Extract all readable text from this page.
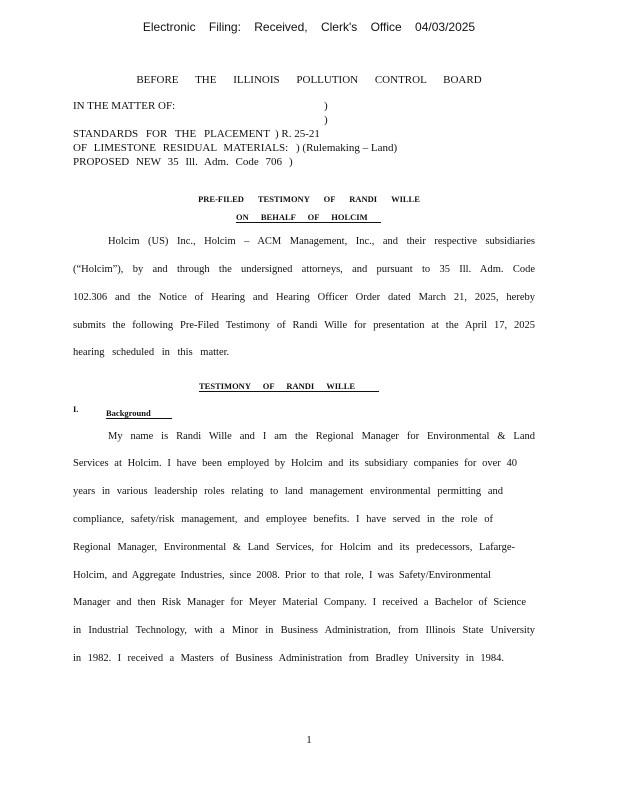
Electronic Filing: Received, Clerk's Office 04/03/2025
BEFORE THE ILLINOIS POLLUTION CONTROL BOARD
IN THE MATTER OF:	)
)
STANDARDS FOR THE PLACEMENT ) R. 25-21
OF LIMESTONE RESIDUAL MATERIALS: ) (Rulemaking – Land)
PROPOSED NEW 35 Ill. Adm. Code 706 )
PRE-FILED TESTIMONY OF RANDI WILLE
ON BEHALF OF HOLCIM
Holcim (US) Inc., Holcim – ACM Management, Inc., and their respective subsidiaries
(“Holcim”), by and through the undersigned attorneys, and pursuant to 35 Ill. Adm. Code
102.306 and the Notice of Hearing and Hearing Officer Order dated March 21, 2025, hereby
submits the following Pre-Filed Testimony of Randi Wille for presentation at the April 17, 2025
hearing scheduled in this matter.
TESTIMONY OF RANDI WILLE
I.	Background
My name is Randi Wille and I am the Regional Manager for Environmental & Land
Services at Holcim. I have been employed by Holcim and its subsidiary companies for over 40
years in various leadership roles relating to land management environmental permitting and
compliance, safety/risk management, and employee benefits. I have served in the role of
Regional Manager, Environmental & Land Services, for Holcim and its predecessors, Lafarge-
Holcim, and Aggregate Industries, since 2008. Prior to that role, I was Safety/Environmental
Manager and then Risk Manager for Meyer Material Company. I received a Bachelor of Science
in Industrial Technology, with a Minor in Business Administration, from Illinois State University
in 1982. I received a Masters of Business Administration from Bradley University in 1984.
1
